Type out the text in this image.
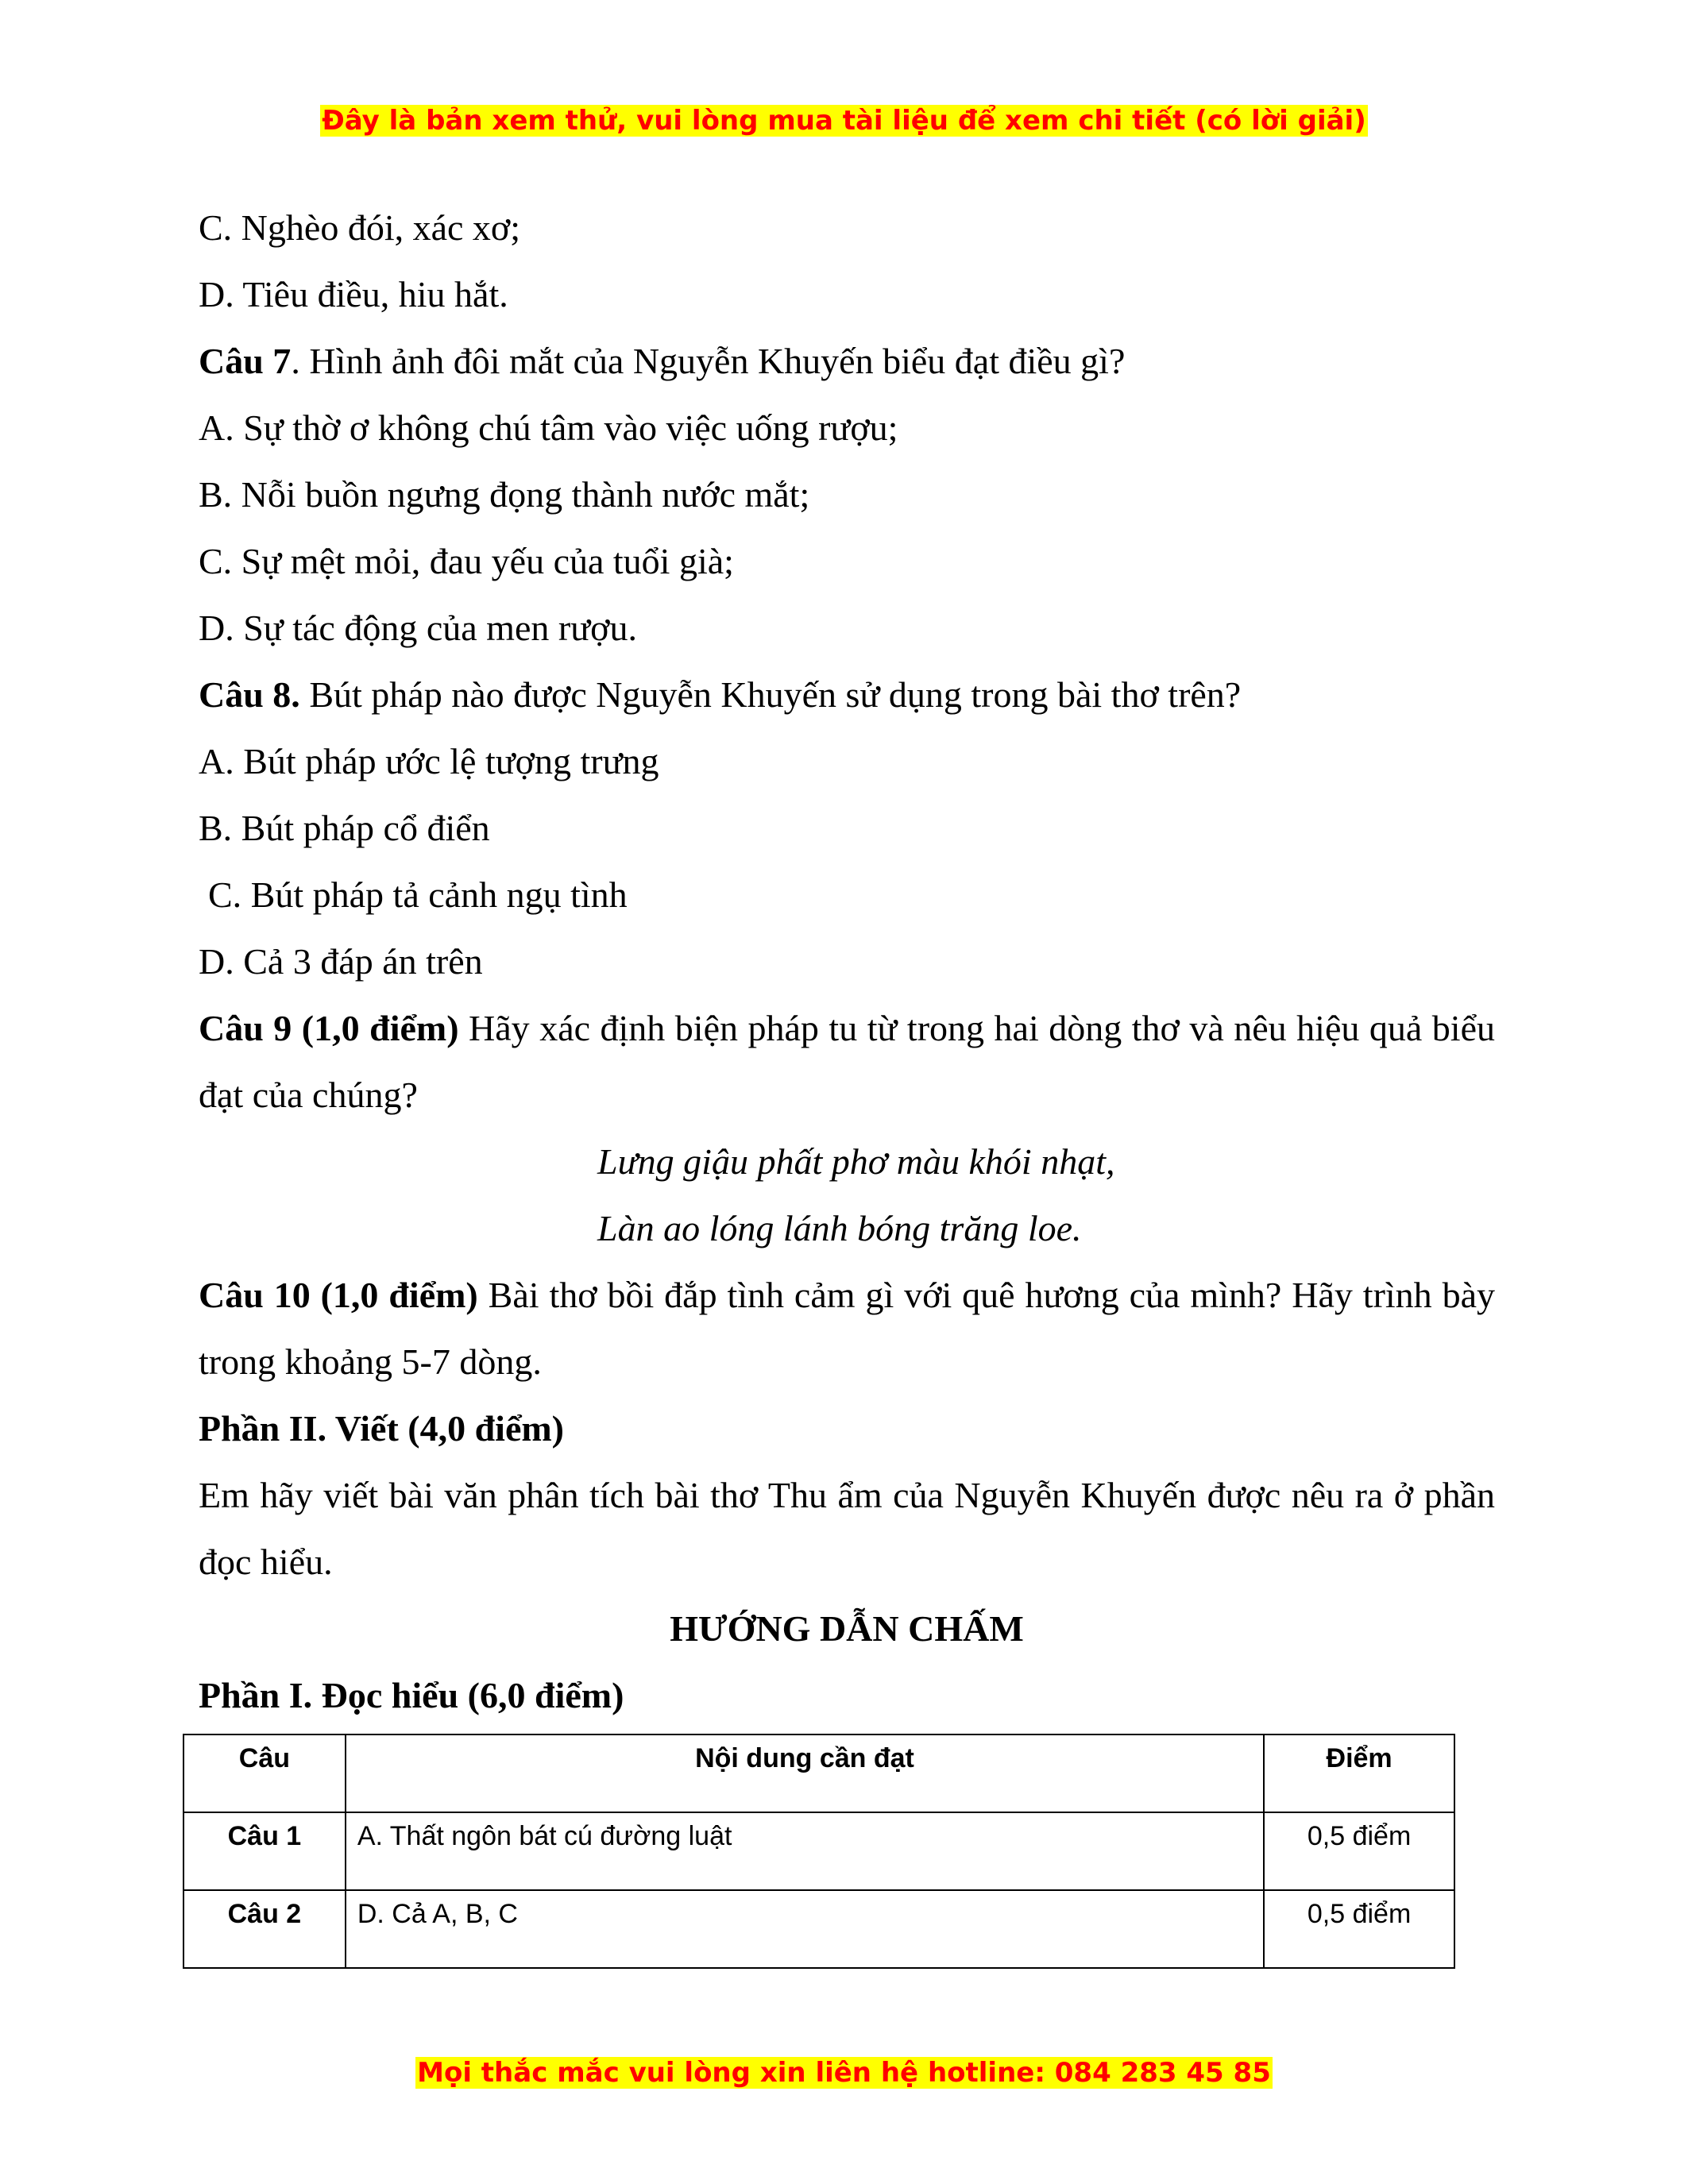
Đây là bản xem thử, vui lòng mua tài liệu để xem chi tiết (có lời giải)

C. Nghèo đói, xác xơ;

D. Tiêu điều, hiu hắt.

Câu 7. Hình ảnh đôi mắt của Nguyễn Khuyến biểu đạt điều gì?

A. Sự thờ ơ không chú tâm vào việc uống rượu;

B. Nỗi buồn ngưng đọng thành nước mắt;

C. Sự mệt mỏi, đau yếu của tuổi già;

D. Sự tác động của men rượu.

Câu 8. Bút pháp nào được Nguyễn Khuyến sử dụng trong bài thơ trên?

A. Bút pháp ước lệ tượng trưng

B. Bút pháp cổ điển

C. Bút pháp tả cảnh ngụ tình

D. Cả 3 đáp án trên

Câu 9 (1,0 điểm) Hãy xác định biện pháp tu từ trong hai dòng thơ và nêu hiệu quả biểu đạt của chúng?

Lưng giậu phất phơ màu khói nhạt,

Làn ao lóng lánh bóng trăng loe.

Câu 10 (1,0 điểm) Bài thơ bồi đắp tình cảm gì với quê hương của mình? Hãy trình bày trong khoảng 5-7 dòng.

Phần II. Viết (4,0 điểm)

Em hãy viết bài văn phân tích bài thơ Thu ẩm của Nguyễn Khuyến được nêu ra ở phần đọc hiểu.

HƯỚNG DẪN CHẤM

Phần I. Đọc hiểu (6,0 điểm)

Câu	Nội dung cần đạt	Điểm
Câu 1	A. Thất ngôn bát cú đường luật	0,5 điểm
Câu 2	D. Cả A, B, C	0,5 điểm
Mọi thắc mắc vui lòng xin liên hệ hotline: 084 283 45 85
